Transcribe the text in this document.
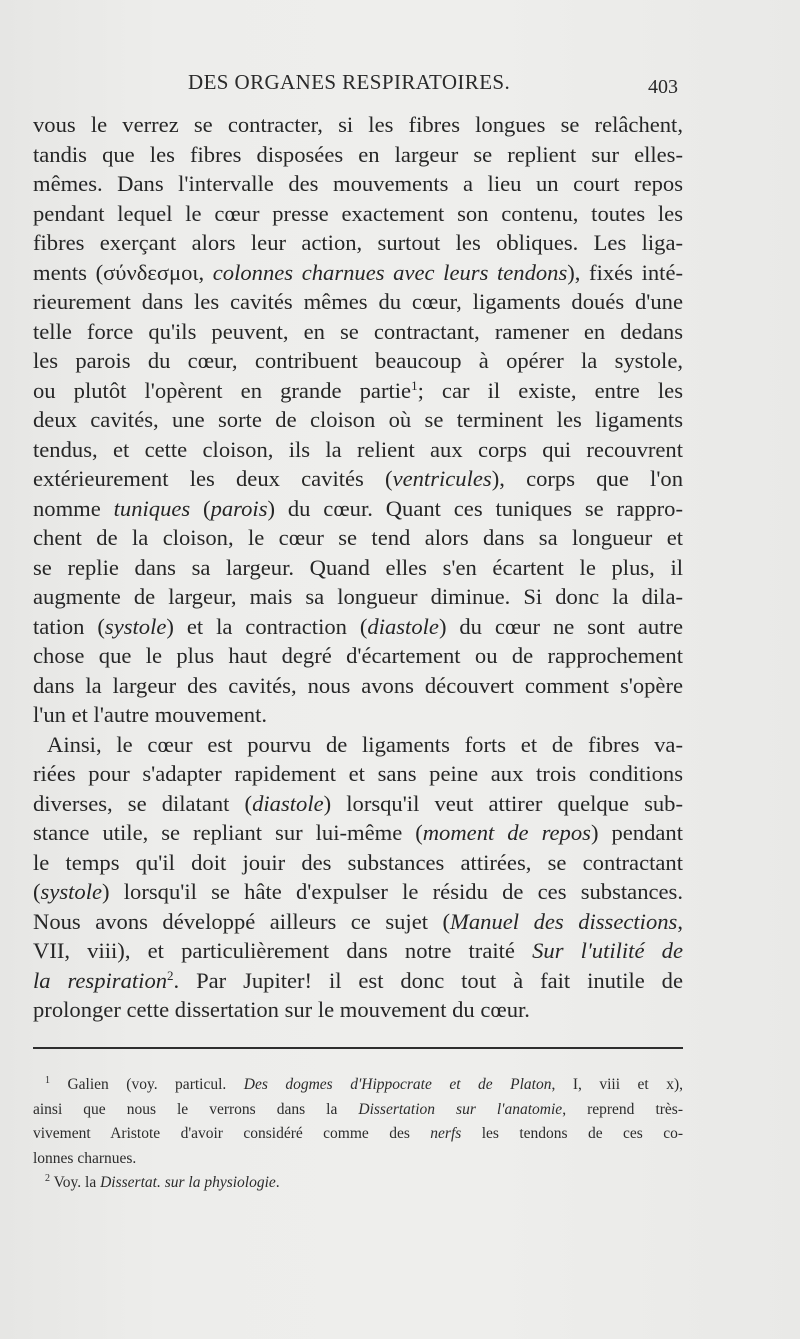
DES ORGANES RESPIRATOIRES.	403

vous le verrez se contracter, si les fibres longues se relâchent,
tandis que les fibres disposées en largeur se replient sur elles-
mêmes. Dans l'intervalle des mouvements a lieu un court repos
pendant lequel le cœur presse exactement son contenu, toutes les
fibres exerçant alors leur action, surtout les obliques. Les liga-
ments (σύνδεσμοι, colonnes charnues avec leurs tendons), fixés inté-
rieurement dans les cavités mêmes du cœur, ligaments doués d'une
telle force qu'ils peuvent, en se contractant, ramener en dedans
les parois du cœur, contribuent beaucoup à opérer la systole,
ou plutôt l'opèrent en grande partie$^1$; car il existe, entre les
deux cavités, une sorte de cloison où se terminent les ligaments
tendus, et cette cloison, ils la relient aux corps qui recouvrent
extérieurement les deux cavités (ventricules), corps que l'on
nomme tuniques (parois) du cœur. Quant ces tuniques se rappro-
chent de la cloison, le cœur se tend alors dans sa longueur et
se replie dans sa largeur. Quand elles s'en écartent le plus, il
augmente de largeur, mais sa longueur diminue. Si donc la dila-
tation (systole) et la contraction (diastole) du cœur ne sont autre
chose que le plus haut degré d'écartement ou de rapprochement
dans la largeur des cavités, nous avons découvert comment s'opère
l'un et l'autre mouvement.

Ainsi, le cœur est pourvu de ligaments forts et de fibres va-
riées pour s'adapter rapidement et sans peine aux trois conditions
diverses, se dilatant (diastole) lorsqu'il veut attirer quelque sub-
stance utile, se repliant sur lui-même (moment de repos) pendant
le temps qu'il doit jouir des substances attirées, se contractant
(systole) lorsqu'il se hâte d'expulser le résidu de ces substances.
Nous avons développé ailleurs ce sujet (Manuel des dissections,
VII, viii), et particulièrement dans notre traité Sur l'utilité de
la respiration$^2$. Par Jupiter! il est donc tout à fait inutile de
prolonger cette dissertation sur le mouvement du cœur.

$^1$ Galien (voy. particul. Des dogmes d'Hippocrate et de Platon, I, viii et x),
ainsi que nous le verrons dans la Dissertation sur l'anatomie, reprend très-
vivement Aristote d'avoir considéré comme des nerfs les tendons de ces co-
lonnes charnues.
$^2$ Voy. la Dissertat. sur la physiologie.
